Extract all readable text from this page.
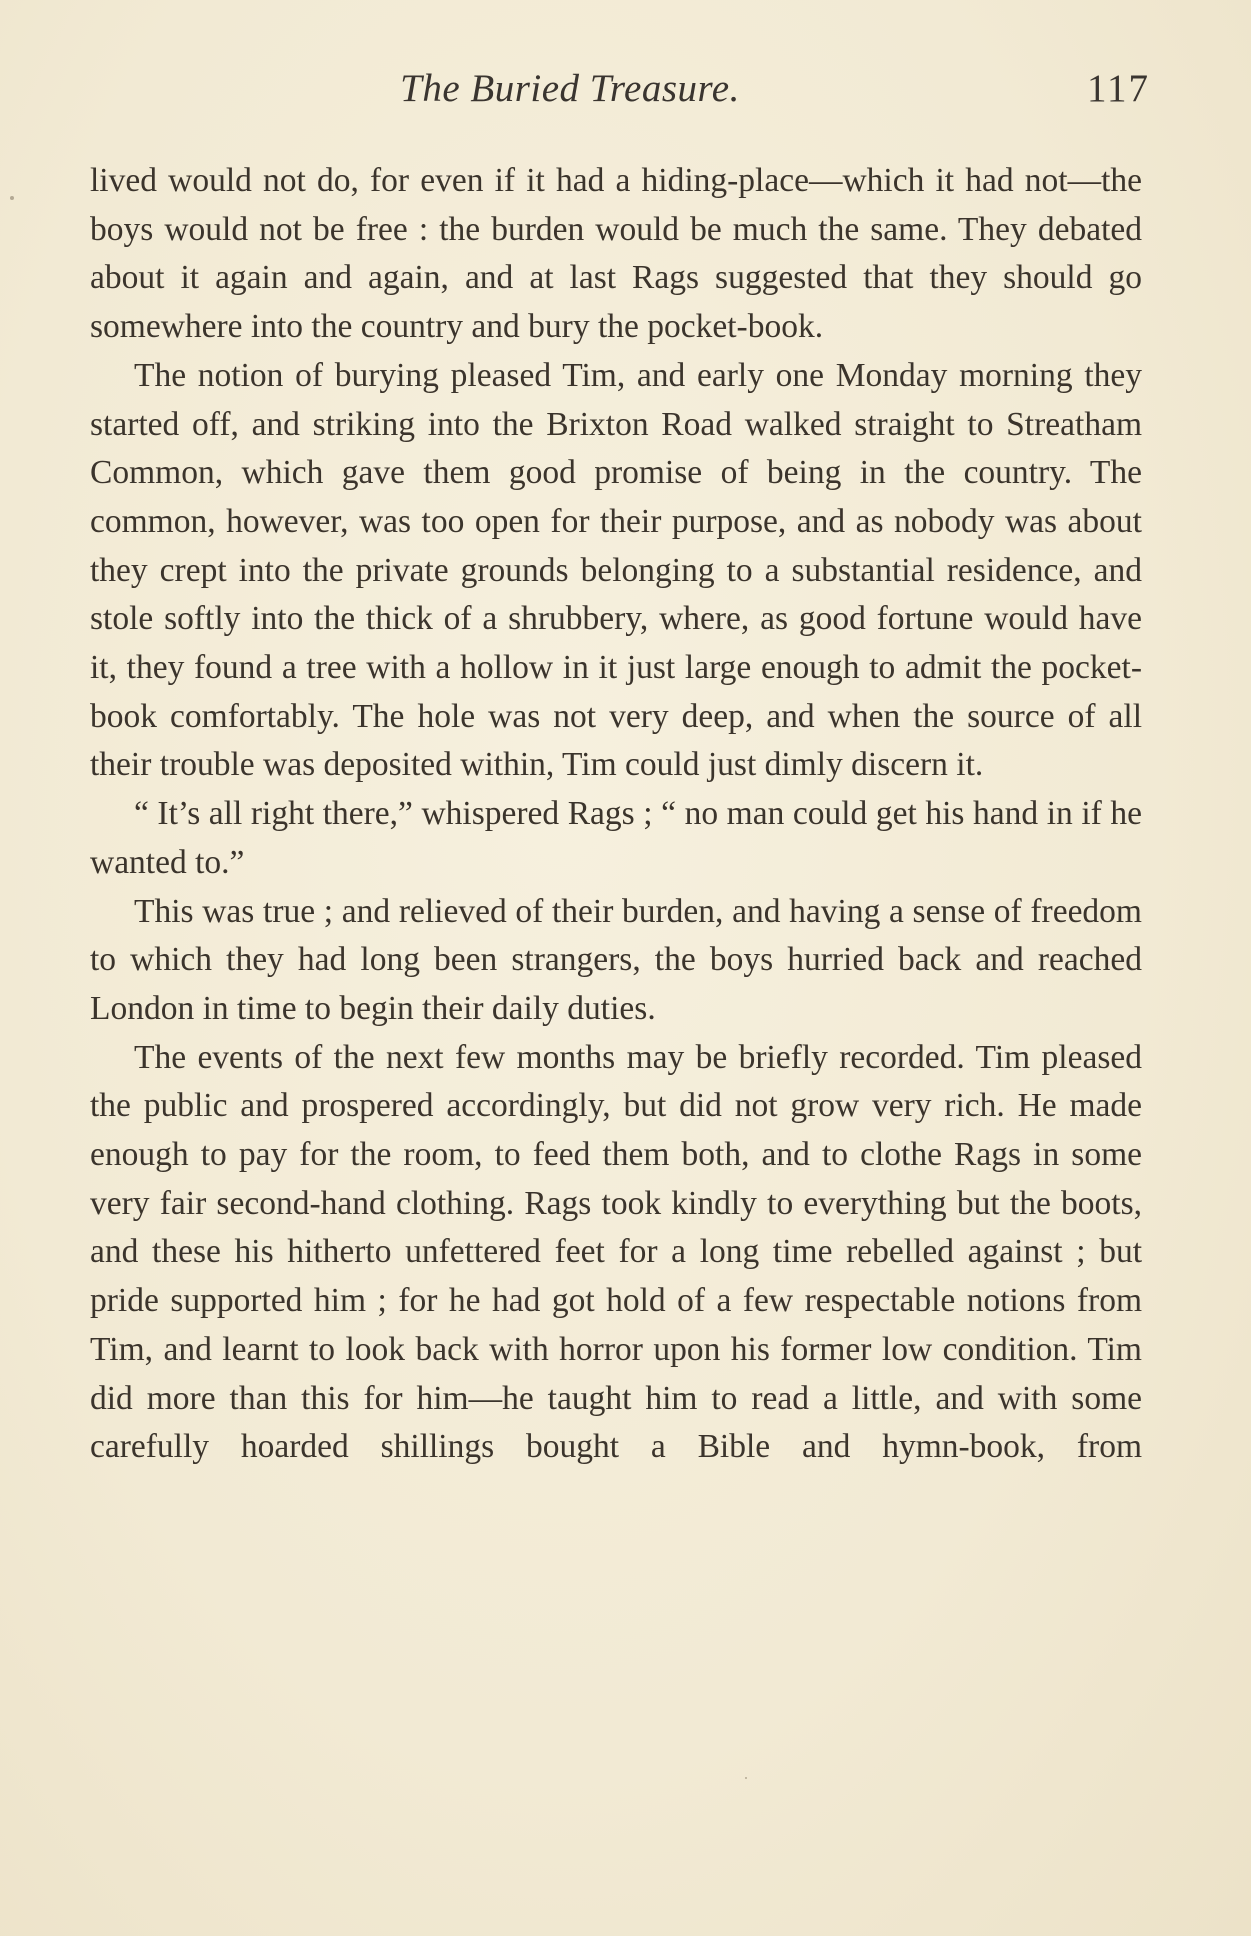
The Buried Treasure.	117

lived would not do, for even if it had a hiding-place—which it had not—the boys would not be free : the burden would be much the same. They debated about it again and again, and at last Rags suggested that they should go somewhere into the country and bury the pocket-book.

The notion of burying pleased Tim, and early one Monday morning they started off, and striking into the Brixton Road walked straight to Streatham Common, which gave them good promise of being in the country. The common, however, was too open for their purpose, and as nobody was about they crept into the private grounds belonging to a substantial residence, and stole softly into the thick of a shrubbery, where, as good fortune would have it, they found a tree with a hollow in it just large enough to admit the pocket-book comfortably. The hole was not very deep, and when the source of all their trouble was deposited within, Tim could just dimly discern it.

“ It’s all right there,” whispered Rags ; “ no man could get his hand in if he wanted to.”

This was true ; and relieved of their burden, and having a sense of freedom to which they had long been strangers, the boys hurried back and reached London in time to begin their daily duties.

The events of the next few months may be briefly recorded. Tim pleased the public and prospered accordingly, but did not grow very rich. He made enough to pay for the room, to feed them both, and to clothe Rags in some very fair second-hand clothing. Rags took kindly to everything but the boots, and these his hitherto unfettered feet for a long time rebelled against ; but pride supported him ; for he had got hold of a few respectable notions from Tim, and learnt to look back with horror upon his former low condition. Tim did more than this for him—he taught him to read a little, and with some carefully hoarded shillings bought a Bible and hymn-book, from
